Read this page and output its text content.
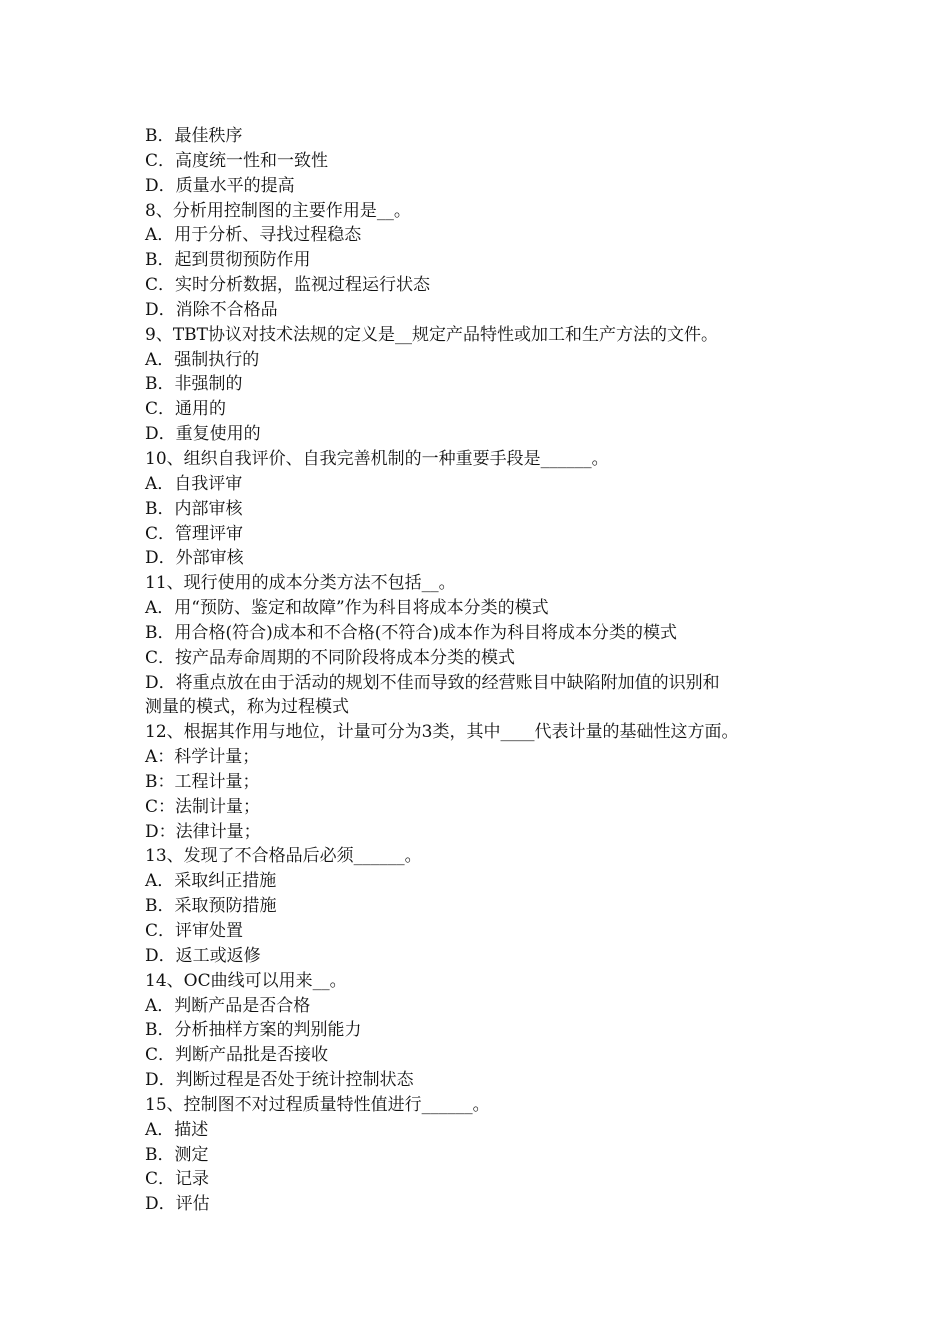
B．最佳秩序
C．高度统一性和一致性
D．质量水平的提高
8、分析用控制图的主要作用是__。
A．用于分析、寻找过程稳态
B．起到贯彻预防作用
C．实时分析数据，监视过程运行状态
D．消除不合格品
9、TBT协议对技术法规的定义是__规定产品特性或加工和生产方法的文件。
A．强制执行的
B．非强制的
C．通用的
D．重复使用的
10、组织自我评价、自我完善机制的一种重要手段是______。
A．自我评审
B．内部审核
C．管理评审
D．外部审核
11、现行使用的成本分类方法不包括__。
A．用“预防、鉴定和故障”作为科目将成本分类的模式
B．用合格(符合)成本和不合格(不符合)成本作为科目将成本分类的模式
C．按产品寿命周期的不同阶段将成本分类的模式
D．将重点放在由于活动的规划不佳而导致的经营账目中缺陷附加值的识别和
测量的模式，称为过程模式
12、根据其作用与地位，计量可分为3类，其中____代表计量的基础性这方面。
A：科学计量；
B：工程计量；
C：法制计量；
D：法律计量；
13、发现了不合格品后必须______。
A．采取纠正措施
B．采取预防措施
C．评审处置
D．返工或返修
14、OC曲线可以用来__。
A．判断产品是否合格
B．分析抽样方案的判别能力
C．判断产品批是否接收
D．判断过程是否处于统计控制状态
15、控制图不对过程质量特性值进行______。
A．描述
B．测定
C．记录
D．评估
